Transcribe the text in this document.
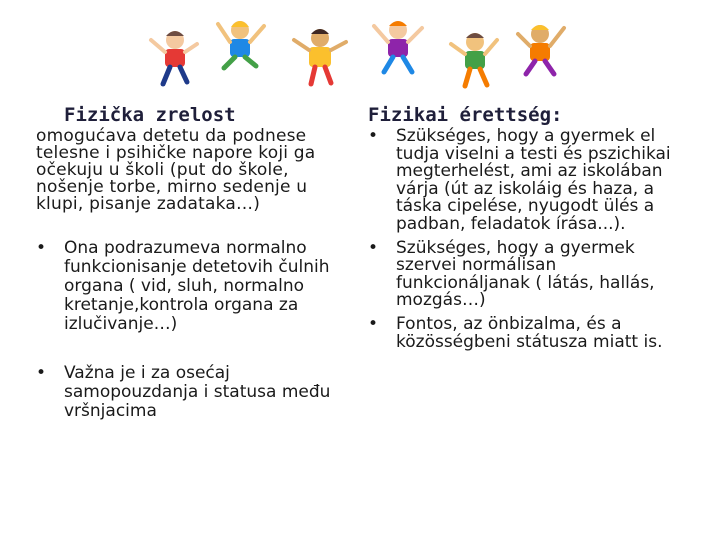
Fizička zrelost

omogućava detetu da podnese telesne i psihičke napore koji ga očekuju u školi (put do škole, nošenje torbe, mirno sedenje u klupi, pisanje zadataka…)

• Ona podrazumeva normalno funkcionisanje detetovih čulnih organa ( vid, sluh, normalno kretanje,kontrola organa za izlučivanje…)
• Važna je i za osećaj samopouzdanja i statusa među vršnjacima

Fizikai érettség:

• Szükséges, hogy a gyermek el tudja viselni a testi és pszichikai megterhelést, ami az iskolában várja (út az iskoláig és haza, a táska cipelése, nyugodt ülés a padban, feladatok írása...).
• Szükséges, hogy a gyermek szervei normálisan funkcionáljanak ( látás, hallás, mozgás…)
• Fontos, az önbizalma, és a közösségbeni státusza miatt is.
